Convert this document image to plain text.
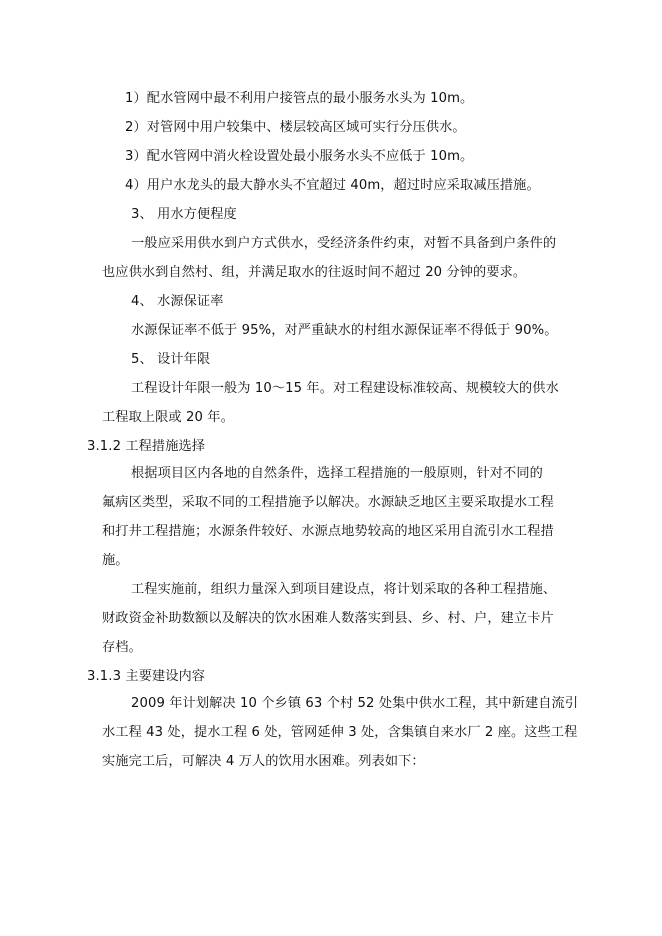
1）配水管网中最不利用户接管点的最小服务水头为 10m。
2）对管网中用户较集中、楼层较高区域可实行分压供水。
3）配水管网中消火栓设置处最小服务水头不应低于 10m。
4）用户水龙头的最大静水头不宜超过 40m，超过时应采取减压措施。
3、 用水方便程度
一般应采用供水到户方式供水，受经济条件约束，对暂不具备到户条件的
也应供水到自然村、组，并满足取水的往返时间不超过 20 分钟的要求。
4、 水源保证率
水源保证率不低于 95%，对严重缺水的村组水源保证率不得低于 90%。
5、 设计年限
工程设计年限一般为 10～15 年。对工程建设标准较高、规模较大的供水
工程取上限或 20 年。
3.1.2 工程措施选择
根据项目区内各地的自然条件，选择工程措施的一般原则，针对不同的
氟病区类型，采取不同的工程措施予以解决。水源缺乏地区主要采取提水工程
和打井工程措施；水源条件较好、水源点地势较高的地区采用自流引水工程措
施。
工程实施前，组织力量深入到项目建设点，将计划采取的各种工程措施、
财政资金补助数额以及解决的饮水困难人数落实到县、乡、村、户，建立卡片
存档。
3.1.3 主要建设内容
2009 年计划解决 10 个乡镇 63 个村 52 处集中供水工程，其中新建自流引
水工程 43 处，提水工程 6 处，管网延伸 3 处，含集镇自来水厂 2 座。这些工程
实施完工后，可解决 4 万人的饮用水困难。列表如下：
